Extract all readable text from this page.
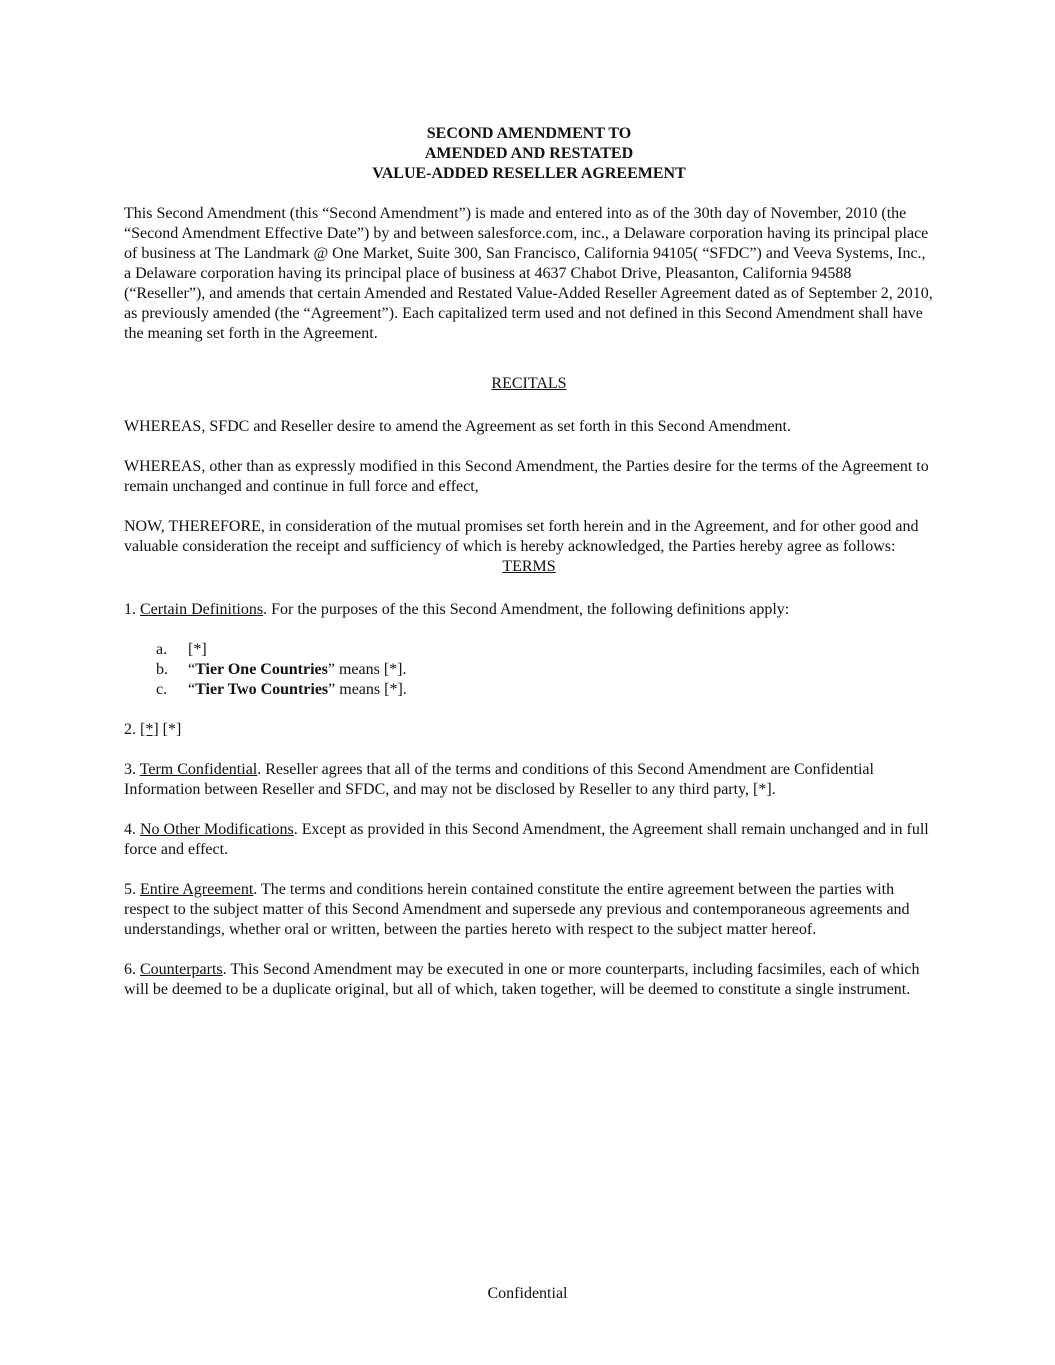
SECOND AMENDMENT TO
AMENDED AND RESTATED
VALUE-ADDED RESELLER AGREEMENT

This Second Amendment (this “Second Amendment”) is made and entered into as of the 30th day of November, 2010 (the “Second Amendment Effective Date”) by and between salesforce.com, inc., a Delaware corporation having its principal place of business at The Landmark @ One Market, Suite 300, San Francisco, California 94105( “SFDC”) and Veeva Systems, Inc., a Delaware corporation having its principal place of business at 4637 Chabot Drive, Pleasanton, California 94588 (“Reseller”), and amends that certain Amended and Restated Value-Added Reseller Agreement dated as of September 2, 2010, as previously amended (the “Agreement”). Each capitalized term used and not defined in this Second Amendment shall have the meaning set forth in the Agreement.

RECITALS

WHEREAS, SFDC and Reseller desire to amend the Agreement as set forth in this Second Amendment.

WHEREAS, other than as expressly modified in this Second Amendment, the Parties desire for the terms of the Agreement to remain unchanged and continue in full force and effect,

NOW, THEREFORE, in consideration of the mutual promises set forth herein and in the Agreement, and for other good and valuable consideration the receipt and sufficiency of which is hereby acknowledged, the Parties hereby agree as follows:

TERMS

1. Certain Definitions. For the purposes of the this Second Amendment, the following definitions apply:

a.	[*]
b.	“Tier One Countries” means [*].
c.	“Tier Two Countries” means [*].

2. [*] [*]

3. Term Confidential. Reseller agrees that all of the terms and conditions of this Second Amendment are Confidential Information between Reseller and SFDC, and may not be disclosed by Reseller to any third party, [*].

4. No Other Modifications. Except as provided in this Second Amendment, the Agreement shall remain unchanged and in full force and effect.

5. Entire Agreement. The terms and conditions herein contained constitute the entire agreement between the parties with respect to the subject matter of this Second Amendment and supersede any previous and contemporaneous agreements and understandings, whether oral or written, between the parties hereto with respect to the subject matter hereof.

6. Counterparts. This Second Amendment may be executed in one or more counterparts, including facsimiles, each of which will be deemed to be a duplicate original, but all of which, taken together, will be deemed to constitute a single instrument.

Confidential
